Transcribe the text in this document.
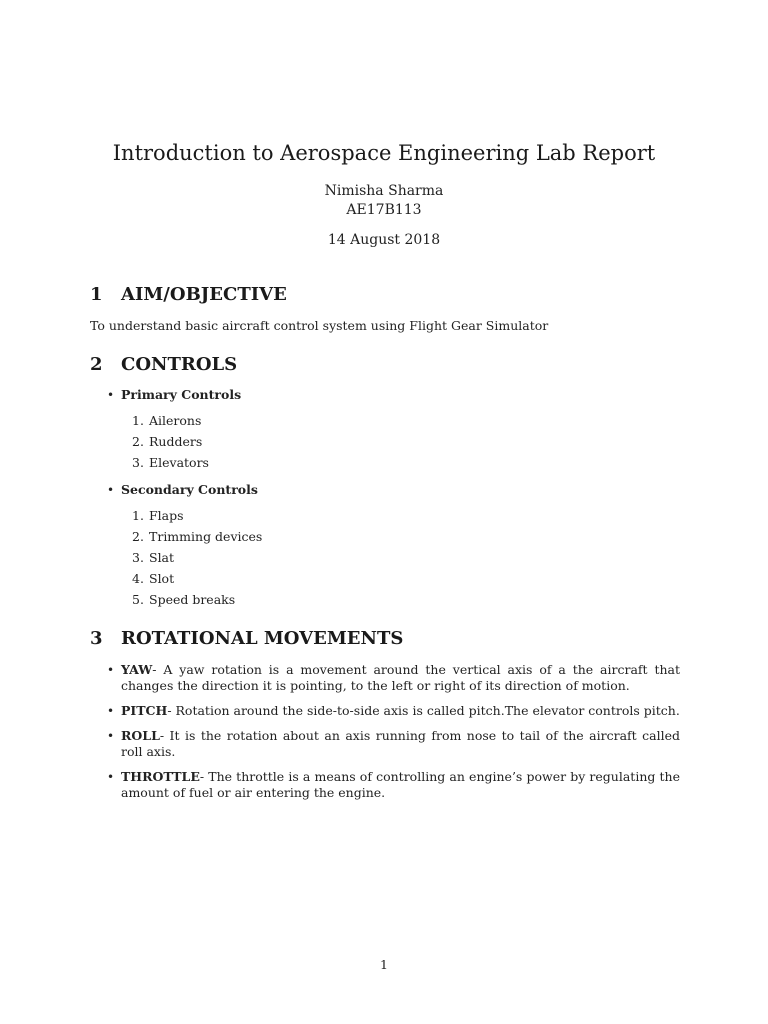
Introduction to Aerospace Engineering Lab Report
Nimisha Sharma
AE17B113
14 August 2018
1 AIM/OBJECTIVE
To understand basic aircraft control system using Flight Gear Simulator
2 CONTROLS
• Primary Controls
1. Ailerons
2. Rudders
3. Elevators
• Secondary Controls
1. Flaps
2. Trimming devices
3. Slat
4. Slot
5. Speed breaks
3 ROTATIONAL MOVEMENTS
• YAW- A yaw rotation is a movement around the vertical axis of a the aircraft that changes the direction it is pointing, to the left or right of its direction of motion.
• PITCH- Rotation around the side-to-side axis is called pitch.The elevator controls pitch.
• ROLL- It is the rotation about an axis running from nose to tail of the aircraft called roll axis.
• THROTTLE- The throttle is a means of controlling an engine’s power by regulating the amount of fuel or air entering the engine.
1
